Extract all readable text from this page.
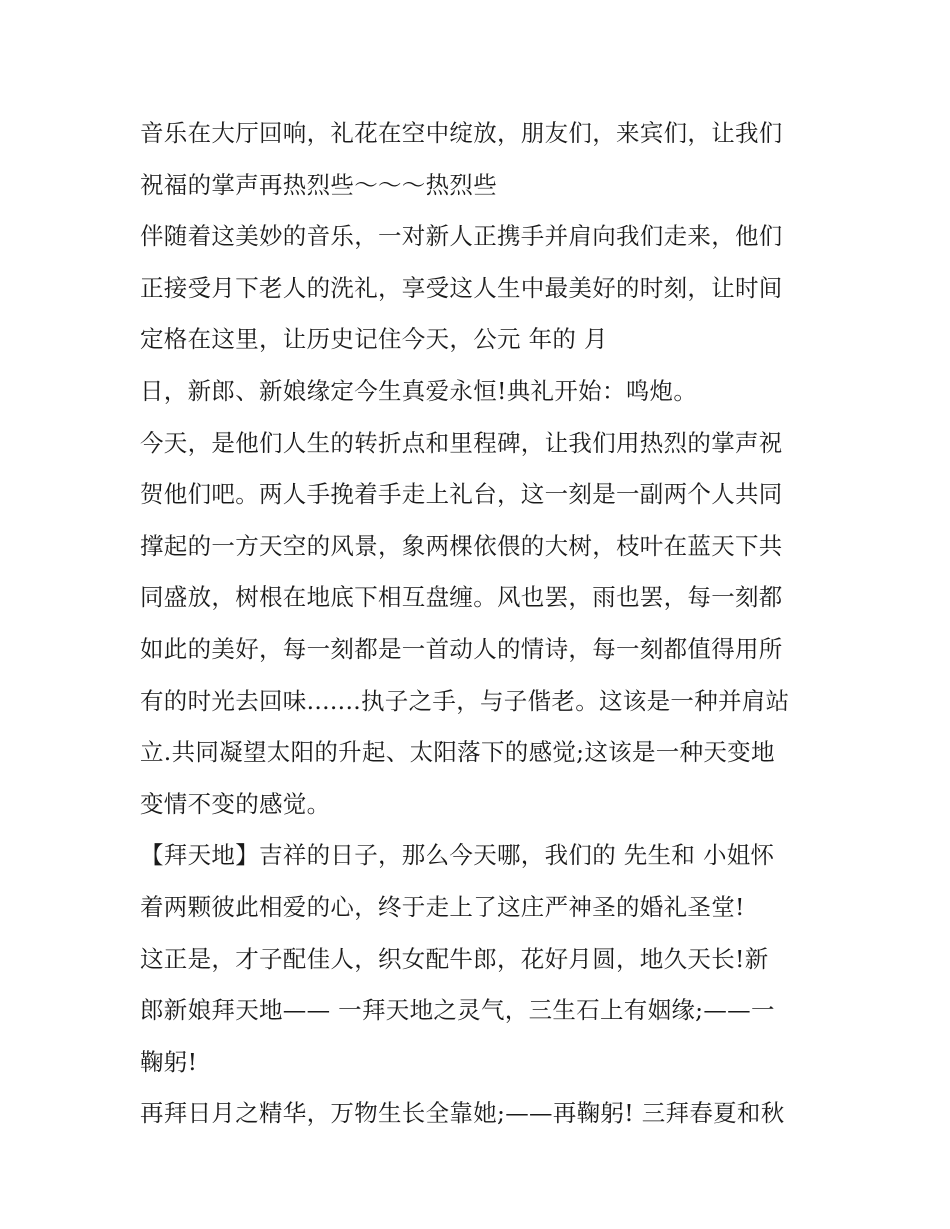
音乐在大厅回响，礼花在空中绽放，朋友们，来宾们，让我们
祝福的掌声再热烈些～～～热烈些
伴随着这美妙的音乐，一对新人正携手并肩向我们走来，他们
正接受月下老人的洗礼，享受这人生中最美好的时刻，让时间
定格在这里，让历史记住今天，公元 年的 月
日，新郎、新娘缘定今生真爱永恒!典礼开始：鸣炮。
今天，是他们人生的转折点和里程碑，让我们用热烈的掌声祝
贺他们吧。两人手挽着手走上礼台，这一刻是一副两个人共同
撑起的一方天空的风景，象两棵依偎的大树，枝叶在蓝天下共
同盛放，树根在地底下相互盘缠。风也罢，雨也罢，每一刻都
如此的美好，每一刻都是一首动人的情诗，每一刻都值得用所
有的时光去回味.......执子之手，与子偕老。这该是一种并肩站
立.共同凝望太阳的升起、太阳落下的感觉;这该是一种天变地
变情不变的感觉。
【拜天地】吉祥的日子，那么今天哪，我们的 先生和 小姐怀
着两颗彼此相爱的心，终于走上了这庄严神圣的婚礼圣堂!
这正是，才子配佳人，织女配牛郎，花好月圆，地久天长!新
郎新娘拜天地—— 一拜天地之灵气，三生石上有姻缘;——一
鞠躬!
再拜日月之精华，万物生长全靠她;——再鞠躬! 三拜春夏和秋
